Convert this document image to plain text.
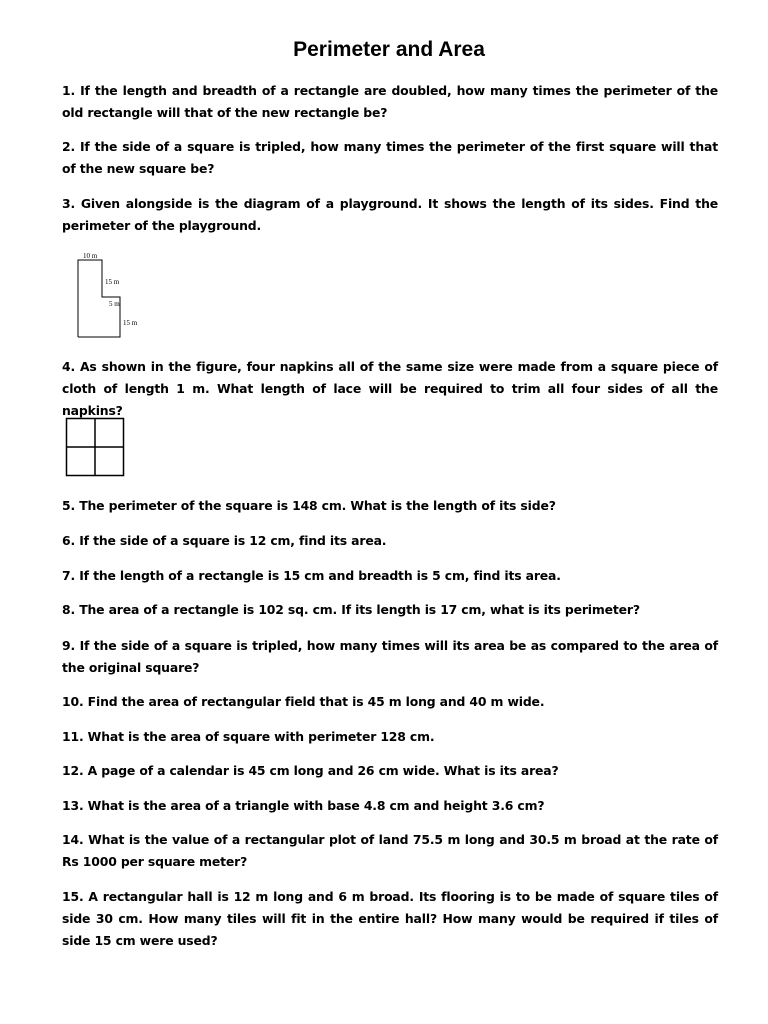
Perimeter and Area

1. If the length and breadth of a rectangle are doubled, how many times the perimeter of the old rectangle will that of the new rectangle be?

2. If the side of a square is tripled, how many times the perimeter of the first square will that of the new square be?

3. Given alongside is the diagram of a playground. It shows the length of its sides. Find the perimeter of the playground.

10 m
15 m
5 m
15 m

4. As shown in the figure, four napkins all of the same size were made from a square piece of cloth of length 1 m. What length of lace will be required to trim all four sides of all the napkins?

5. The perimeter of the square is 148 cm. What is the length of its side?

6. If the side of a square is 12 cm, find its area.

7. If the length of a rectangle is 15 cm and breadth is 5 cm, find its area.

8. The area of a rectangle is 102 sq. cm. If its length is 17 cm, what is its perimeter?

9. If the side of a square is tripled, how many times will its area be as compared to the area of the original square?

10. Find the area of rectangular field that is 45 m long and 40 m wide.

11. What is the area of square with perimeter 128 cm.

12. A page of a calendar is 45 cm long and 26 cm wide. What is its area?

13. What is the area of a triangle with base 4.8 cm and height 3.6 cm?

14. What is the value of a rectangular plot of land 75.5 m long and 30.5 m broad at the rate of Rs 1000 per square meter?

15. A rectangular hall is 12 m long and 6 m broad. Its flooring is to be made of square tiles of side 30 cm. How many tiles will fit in the entire hall? How many would be required if tiles of side 15 cm were used?
